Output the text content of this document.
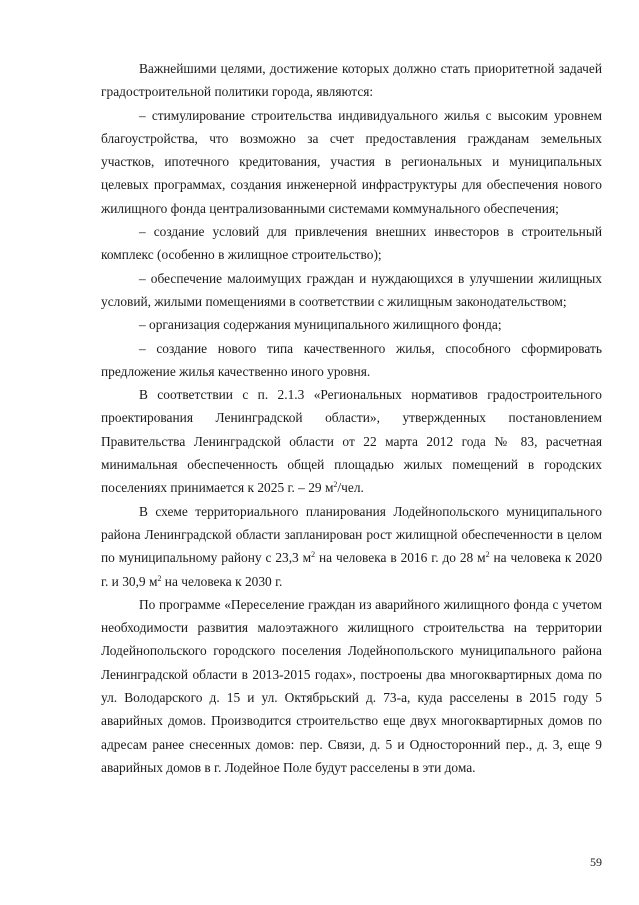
Важнейшими целями, достижение которых должно стать приоритетной задачей градостроительной политики города, являются:

– стимулирование строительства индивидуального жилья с высоким уровнем благоустройства, что возможно за счет предоставления гражданам земельных участков, ипотечного кредитования, участия в региональных и муниципальных целевых программах, создания инженерной инфраструктуры для обеспечения нового жилищного фонда централизованными системами коммунального обеспечения;

– создание условий для привлечения внешних инвесторов в строительный комплекс (особенно в жилищное строительство);

– обеспечение малоимущих граждан и нуждающихся в улучшении жилищных условий, жилыми помещениями в соответствии с жилищным законодательством;

– организация содержания муниципального жилищного фонда;

– создание нового типа качественного жилья, способного сформировать предложение жилья качественно иного уровня.

В соответствии с п. 2.1.3 «Региональных нормативов градостроительного проектирования Ленинградской области», утвержденных постановлением Правительства Ленинградской области от 22 марта 2012 года № 83, расчетная минимальная обеспеченность общей площадью жилых помещений в городских поселениях принимается к 2025 г. – 29 $м^2$/чел.

В схеме территориального планирования Лодейнопольского муниципального района Ленинградской области запланирован рост жилищной обеспеченности в целом по муниципальному району с 23,3 $м^2$ на человека в 2016 г. до 28 $м^2$ на человека к 2020 г. и 30,9 $м^2$ на человека к 2030 г.

По программе «Переселение граждан из аварийного жилищного фонда с учетом необходимости развития малоэтажного жилищного строительства на территории Лодейнопольского городского поселения Лодейнопольского муниципального района Ленинградской области в 2013-2015 годах», построены два многоквартирных дома по ул. Володарского д. 15 и ул. Октябрьский д. 73-а, куда расселены в 2015 году 5 аварийных домов. Производится строительство еще двух многоквартирных домов по адресам ранее снесенных домов: пер. Связи, д. 5 и Односторонний пер., д. 3, еще 9 аварийных домов в г. Лодейное Поле будут расселены в эти дома.

59
